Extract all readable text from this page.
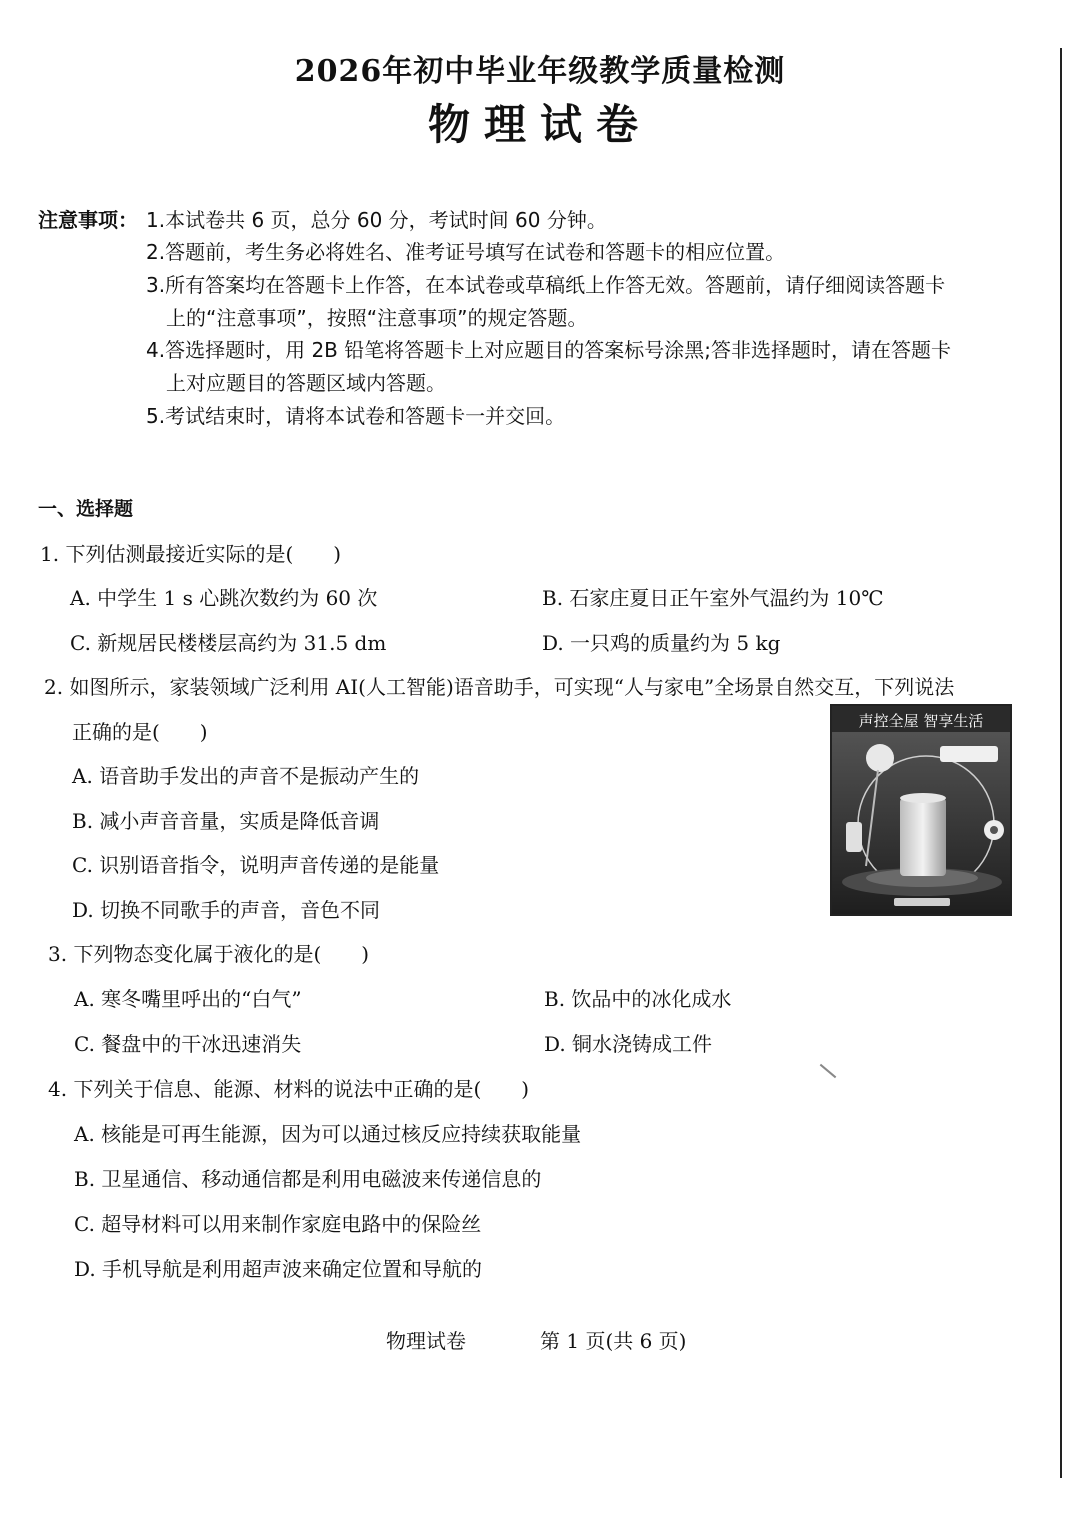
2026年初中毕业年级教学质量检测
物理试卷
注意事项： 1.本试卷共 6 页，总分 60 分，考试时间 60 分钟。
2.答题前，考生务必将姓名、准考证号填写在试卷和答题卡的相应位置。
3.所有答案均在答题卡上作答，在本试卷或草稿纸上作答无效。答题前，请仔细阅读答题卡
上的“注意事项”，按照“注意事项”的规定答题。
4.答选择题时，用 2B 铅笔将答题卡上对应题目的答案标号涂黑;答非选择题时，请在答题卡
上对应题目的答题区域内答题。
5.考试结束时，请将本试卷和答题卡一并交回。
一、选择题
1. 下列估测最接近实际的是(　　)
A. 中学生 1 s 心跳次数约为 60 次	B. 石家庄夏日正午室外气温约为 10℃
C. 新规居民楼楼层高约为 31.5 dm	D. 一只鸡的质量约为 5 kg
2. 如图所示，家装领域广泛利用 AI(人工智能)语音助手，可实现“人与家电”全场景自然交互，下列说法
正确的是(　　)
A. 语音助手发出的声音不是振动产生的
B. 减小声音音量，实质是降低音调
C. 识别语音指令，说明声音传递的是能量
D. 切换不同歌手的声音，音色不同
声控全屋 智享生活
3. 下列物态变化属于液化的是(　　)
A. 寒冬嘴里呼出的“白气”	B. 饮品中的冰化成水
C. 餐盘中的干冰迅速消失	D. 铜水浇铸成工件
4. 下列关于信息、能源、材料的说法中正确的是(　　)
A. 核能是可再生能源，因为可以通过核反应持续获取能量
B. 卫星通信、移动通信都是利用电磁波来传递信息的
C. 超导材料可以用来制作家庭电路中的保险丝
D. 手机导航是利用超声波来确定位置和导航的
物理试卷	第 1 页(共 6 页)
